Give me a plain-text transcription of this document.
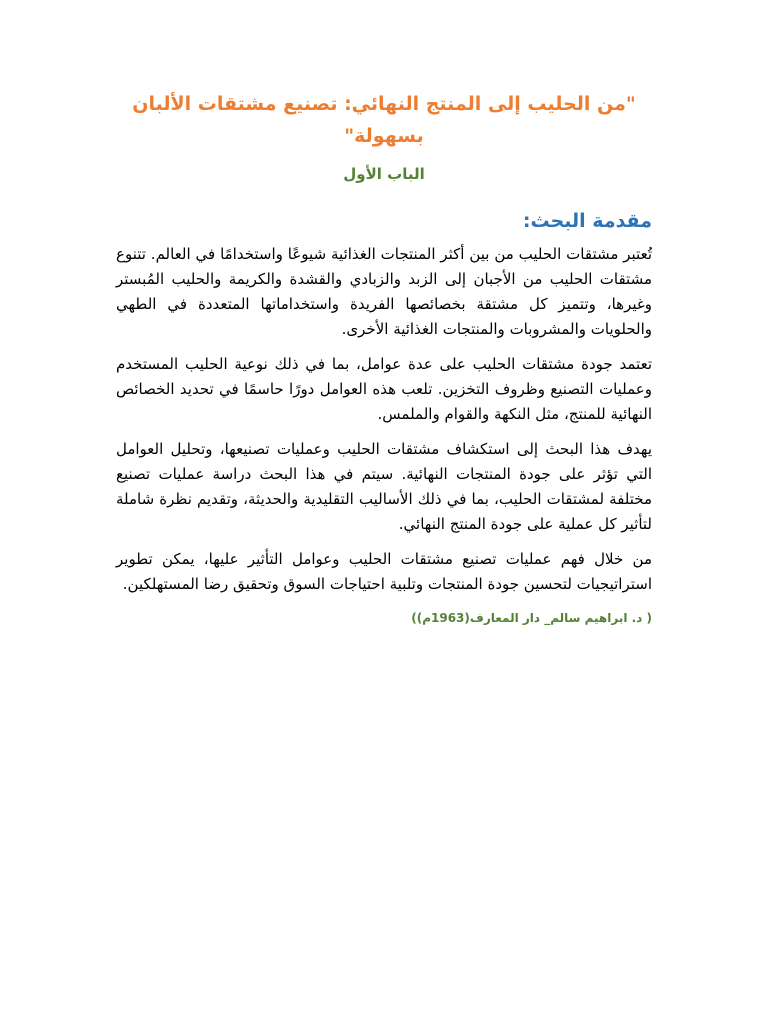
"من الحليب إلى المنتج النهائي: تصنيع مشتقات الألبان بسهولة"
الباب الأول
مقدمة البحث:

تُعتبر مشتقات الحليب من بين أكثر المنتجات الغذائية شيوعًا واستخدامًا في العالم. تتنوع مشتقات الحليب من الأجبان إلى الزبد والزبادي والقشدة والكريمة والحليب المُبستر وغيرها، وتتميز كل مشتقة بخصائصها الفريدة واستخداماتها المتعددة في الطهي والحلويات والمشروبات والمنتجات الغذائية الأخرى.

تعتمد جودة مشتقات الحليب على عدة عوامل، بما في ذلك نوعية الحليب المستخدم وعمليات التصنيع وظروف التخزين. تلعب هذه العوامل دورًا حاسمًا في تحديد الخصائص النهائية للمنتج، مثل النكهة والقوام والملمس.

يهدف هذا البحث إلى استكشاف مشتقات الحليب وعمليات تصنيعها، وتحليل العوامل التي تؤثر على جودة المنتجات النهائية. سيتم في هذا البحث دراسة عمليات تصنيع مختلفة لمشتقات الحليب، بما في ذلك الأساليب التقليدية والحديثة، وتقديم نظرة شاملة لتأثير كل عملية على جودة المنتج النهائي.

من خلال فهم عمليات تصنيع مشتقات الحليب وعوامل التأثير عليها، يمكن تطوير استراتيجيات لتحسين جودة المنتجات وتلبية احتياجات السوق وتحقيق رضا المستهلكين.

( د. ابراهيم سالم_ دار المعارف(1963م))
